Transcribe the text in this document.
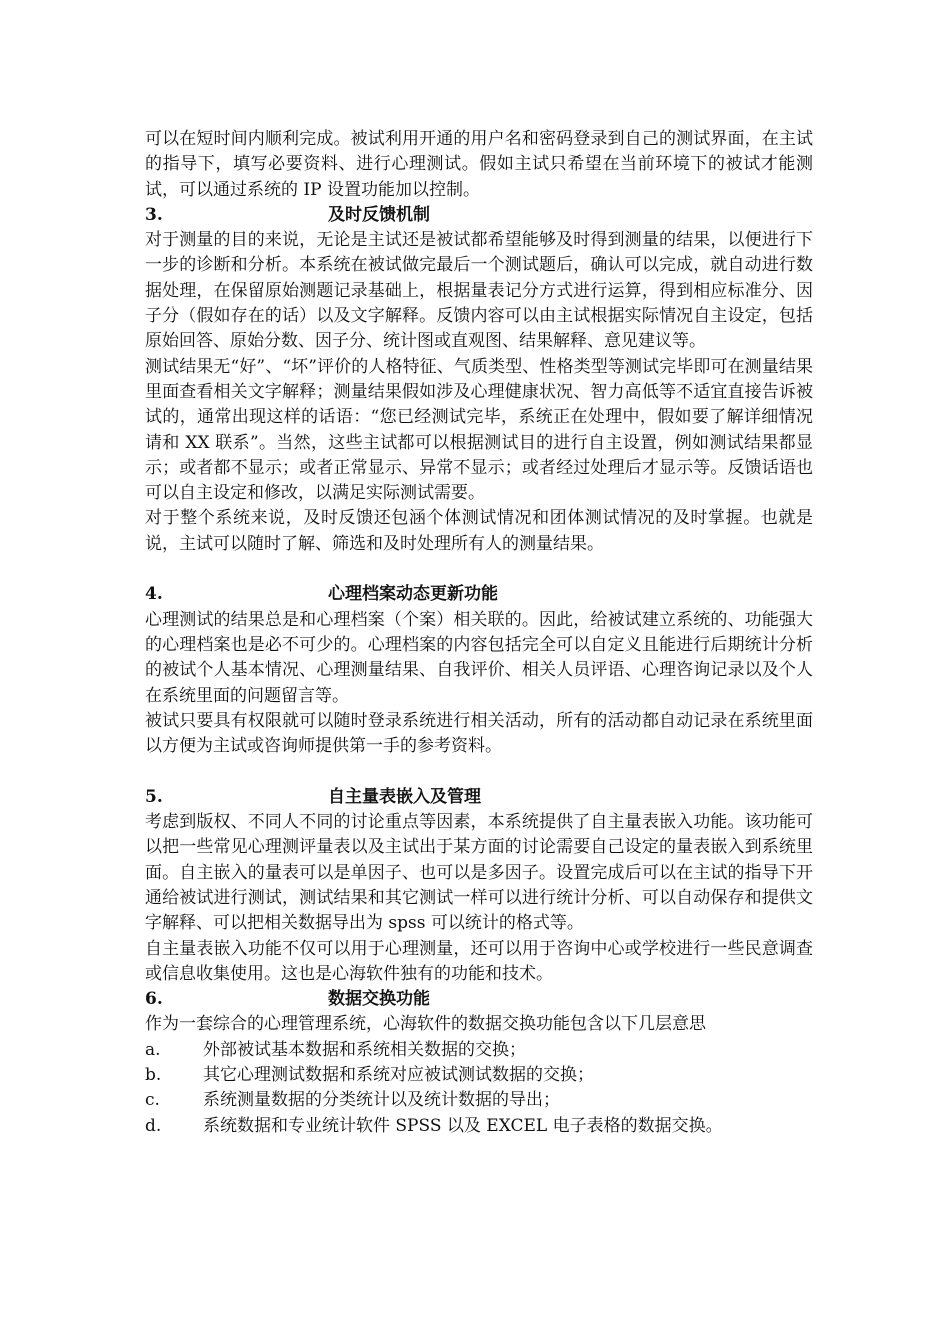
可以在短时间内顺利完成。被试利用开通的用户名和密码登录到自己的测试界面，在主试的指导下，填写必要资料、进行心理测试。假如主试只希望在当前环境下的被试才能测试，可以通过系统的 IP 设置功能加以控制。

3.	及时反馈机制

对于测量的目的来说，无论是主试还是被试都希望能够及时得到测量的结果，以便进行下一步的诊断和分析。本系统在被试做完最后一个测试题后，确认可以完成，就自动进行数据处理，在保留原始测题记录基础上，根据量表记分方式进行运算，得到相应标准分、因子分（假如存在的话）以及文字解释。反馈内容可以由主试根据实际情况自主设定，包括原始回答、原始分数、因子分、统计图或直观图、结果解释、意见建议等。

测试结果无“好”、“坏”评价的人格特征、气质类型、性格类型等测试完毕即可在测量结果里面查看相关文字解释；测量结果假如涉及心理健康状况、智力高低等不适宜直接告诉被试的，通常出现这样的话语：“您已经测试完毕，系统正在处理中，假如要了解详细情况请和 XX 联系”。当然，这些主试都可以根据测试目的进行自主设置，例如测试结果都显示；或者都不显示；或者正常显示、异常不显示；或者经过处理后才显示等。反馈话语也可以自主设定和修改，以满足实际测试需要。

对于整个系统来说，及时反馈还包涵个体测试情况和团体测试情况的及时掌握。也就是说，主试可以随时了解、筛选和及时处理所有人的测量结果。

4.	心理档案动态更新功能

心理测试的结果总是和心理档案（个案）相关联的。因此，给被试建立系统的、功能强大的心理档案也是必不可少的。心理档案的内容包括完全可以自定义且能进行后期统计分析的被试个人基本情况、心理测量结果、自我评价、相关人员评语、心理咨询记录以及个人在系统里面的问题留言等。

被试只要具有权限就可以随时登录系统进行相关活动，所有的活动都自动记录在系统里面以方便为主试或咨询师提供第一手的参考资料。

5.	自主量表嵌入及管理

考虑到版权、不同人不同的讨论重点等因素，本系统提供了自主量表嵌入功能。该功能可以把一些常见心理测评量表以及主试出于某方面的讨论需要自己设定的量表嵌入到系统里面。自主嵌入的量表可以是单因子、也可以是多因子。设置完成后可以在主试的指导下开通给被试进行测试，测试结果和其它测试一样可以进行统计分析、可以自动保存和提供文字解释、可以把相关数据导出为 spss 可以统计的格式等。

自主量表嵌入功能不仅可以用于心理测量，还可以用于咨询中心或学校进行一些民意调查或信息收集使用。这也是心海软件独有的功能和技术。

6.	数据交换功能

作为一套综合的心理管理系统，心海软件的数据交换功能包含以下几层意思

a.	外部被试基本数据和系统相关数据的交换；
b.	其它心理测试数据和系统对应被试测试数据的交换；
c.	系统测量数据的分类统计以及统计数据的导出；
d.	系统数据和专业统计软件 SPSS 以及 EXCEL 电子表格的数据交换。
